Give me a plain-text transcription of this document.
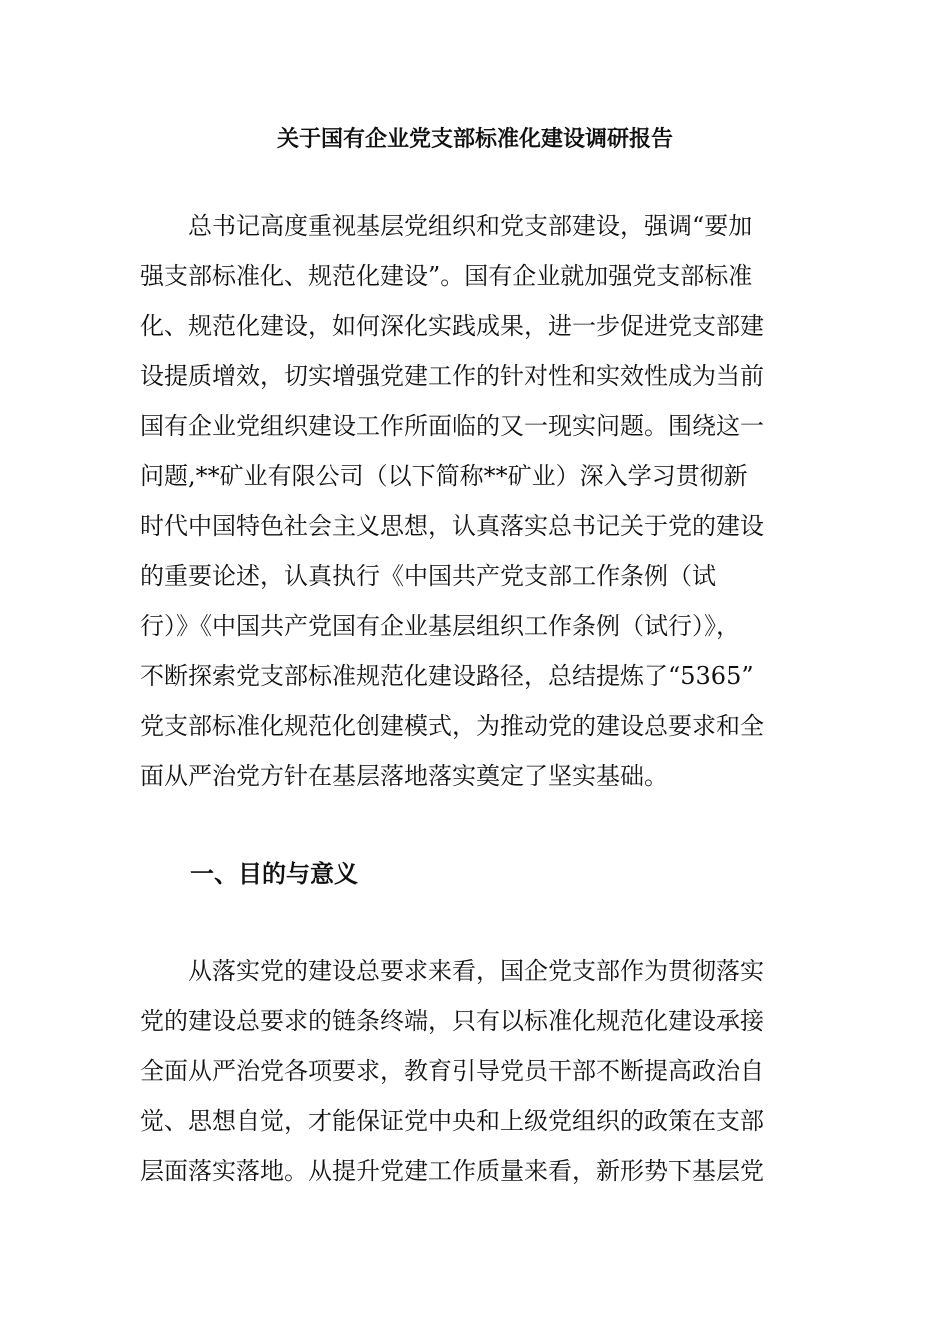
关于国有企业党支部标准化建设调研报告
总书记高度重视基层党组织和党支部建设，强调“要加
强支部标准化、规范化建设”。国有企业就加强党支部标准
化、规范化建设，如何深化实践成果，进一步促进党支部建
设提质增效，切实增强党建工作的针对性和实效性成为当前
国有企业党组织建设工作所面临的又一现实问题。围绕这一
问题,**矿业有限公司（以下简称**矿业）深入学习贯彻新
时代中国特色社会主义思想，认真落实总书记关于党的建设
的重要论述，认真执行《中国共产党支部工作条例（试
行）》《中国共产党国有企业基层组织工作条例（试行）》，
不断探索党支部标准规范化建设路径，总结提炼了“5365”
党支部标准化规范化创建模式，为推动党的建设总要求和全
面从严治党方针在基层落地落实奠定了坚实基础。
一、目的与意义
从落实党的建设总要求来看，国企党支部作为贯彻落实
党的建设总要求的链条终端，只有以标准化规范化建设承接
全面从严治党各项要求，教育引导党员干部不断提高政治自
觉、思想自觉，才能保证党中央和上级党组织的政策在支部
层面落实落地。从提升党建工作质量来看，新形势下基层党
